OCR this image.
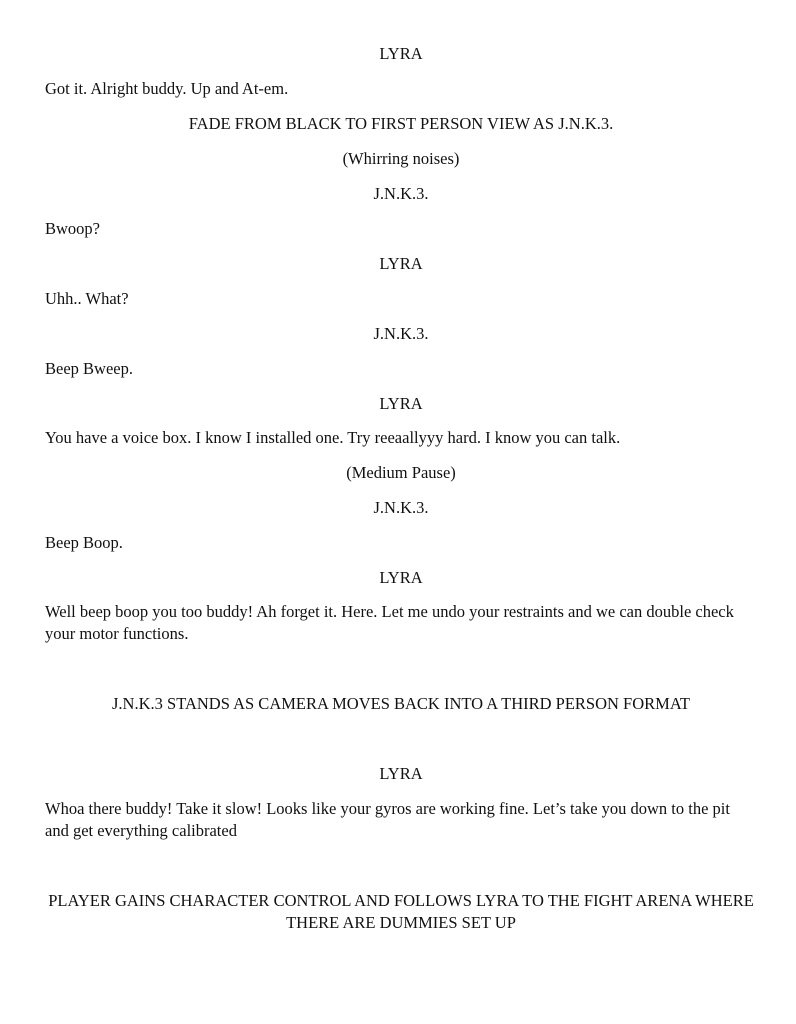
LYRA

Got it. Alright buddy. Up and At-em.

FADE FROM BLACK TO FIRST PERSON VIEW AS J.N.K.3.

(Whirring noises)

J.N.K.3.

Bwoop?

LYRA

Uhh.. What?

J.N.K.3.

Beep Bweep.

LYRA

You have a voice box. I know I installed one. Try reeaallyyy hard. I know you can talk.

(Medium Pause)

J.N.K.3.

Beep Boop.

LYRA

Well beep boop you too buddy! Ah forget it. Here. Let me undo your restraints and we can double check your motor functions.

J.N.K.3 STANDS AS CAMERA MOVES BACK INTO A THIRD PERSON FORMAT

LYRA

Whoa there buddy! Take it slow! Looks like your gyros are working fine. Let’s take you down to the pit and get everything calibrated

PLAYER GAINS CHARACTER CONTROL AND FOLLOWS LYRA TO THE FIGHT ARENA WHERE THERE ARE DUMMIES SET UP
